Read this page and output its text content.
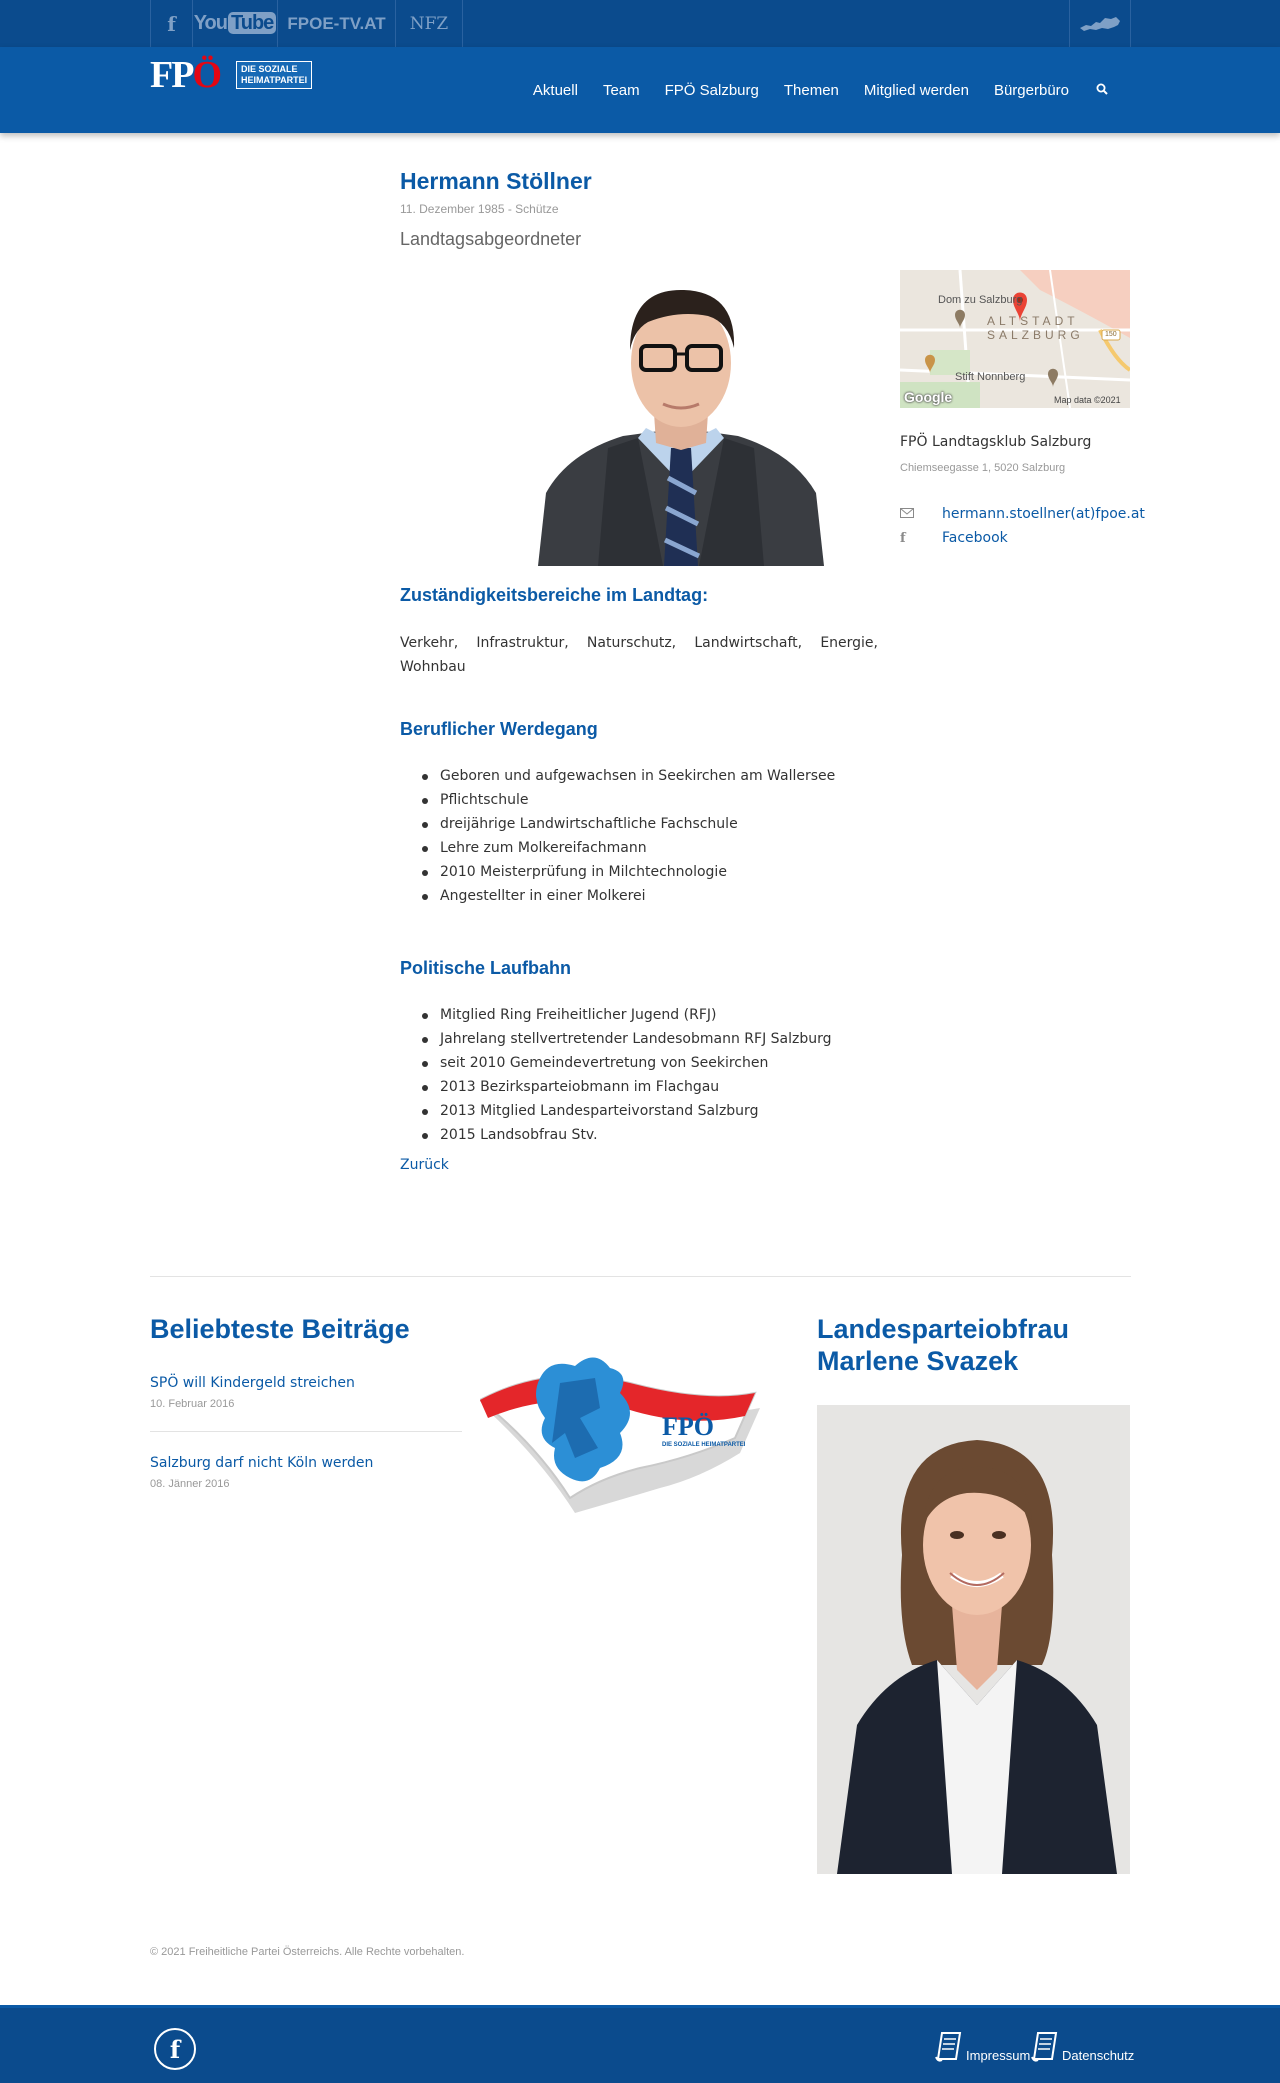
f You Tube FPOE-TV.AT	NFZ
FPÖ	DIE SOZIALE
HEIMATPARTEI
Aktuell Team FPÖ Salzburg Themen Mitglied werden Bürgerbüro
Hermann Stöllner
11. Dezember 1985 - Schütze
Landtagsabgeordneter
Zuständigkeitsbereiche im Landtag:

Verkehr, Infrastruktur, Naturschutz, Landwirtschaft, Energie, Wohnbau

Beruflicher Werdegang
Geboren und aufgewachsen in Seekirchen am Wallersee
Pflichtschule
dreijährige Landwirtschaftliche Fachschule
Lehre zum Molkereifachmann
2010 Meisterprüfung in Milchtechnologie
Angestellter in einer Molkerei
Politische Laufbahn
Mitglied Ring Freiheitlicher Jugend (RFJ)
Jahrelang stellvertretender Landesobmann RFJ Salzburg
seit 2010 Gemeindevertretung von Seekirchen
2013 Bezirksparteiobmann im Flachgau
2013 Mitglied Landesparteivorstand Salzburg
2015 Landsobfrau Stv.
Zurück
Dom zu Salzburg
ALTSTADT
SALZBURG
Stift Nonnberg
150
Google	Map data ©2021
FPÖ Landtagsklub Salzburg
Chiemseegasse 1, 5020 Salzburg
hermann.stoellner(at)fpoe.at
f	Facebook
Beliebteste Beiträge
SPÖ will Kindergeld streichen
10. Februar 2016
Salzburg darf nicht Köln werden
08. Jänner 2016
FPÖ
DIE SOZIALE HEIMATPARTEI
Landesparteiobfrau
Marlene Svazek
© 2021 Freiheitliche Partei Österreichs. Alle Rechte vorbehalten.
f	Impressum Datenschutz
